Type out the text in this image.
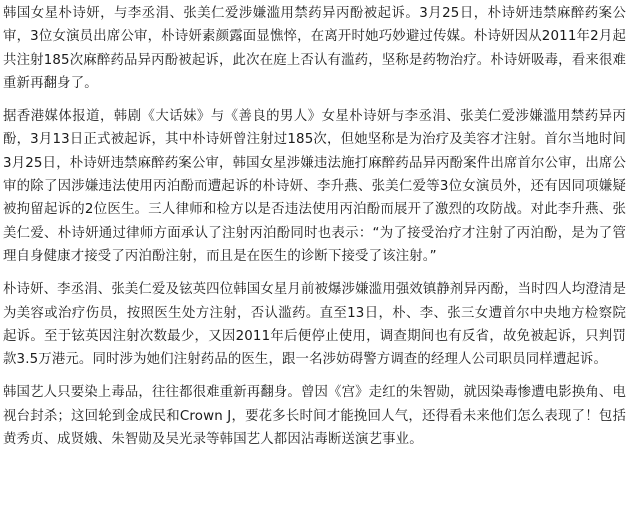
韩国女星朴诗妍，与李丞涓、张美仁爱涉嫌滥用禁药异丙酚被起诉。3月25日，朴诗妍违禁麻醉药案公审，3位女演员出席公审，朴诗妍素颜露面显憔悴，在离开时她巧妙避过传媒。朴诗妍因从2011年2月起共注射185次麻醉药品异丙酚被起诉，此次在庭上否认有滥药，坚称是药物治疗。朴诗妍吸毒，看来很难重新再翻身了。

据香港媒体报道，韩剧《大话妹》与《善良的男人》女星朴诗妍与李丞涓、张美仁爱涉嫌滥用禁药异丙酚，3月13日正式被起诉，其中朴诗妍曾注射过185次，但她坚称是为治疗及美容才注射。首尔当地时间3月25日，朴诗妍违禁麻醉药案公审，韩国女星涉嫌违法施打麻醉药品异丙酚案件出席首尔公审，出席公审的除了因涉嫌违法使用丙泊酚而遭起诉的朴诗妍、李升燕、张美仁爱等3位女演员外，还有因同项嫌疑被拘留起诉的2位医生。三人律师和检方以是否违法使用丙泊酚而展开了激烈的攻防战。对此李升燕、张美仁爱、朴诗妍通过律师方面承认了注射丙泊酚同时也表示：“为了接受治疗才注射了丙泊酚，是为了管理自身健康才接受了丙泊酚注射，而且是在医生的诊断下接受了该注射。”

朴诗妍、李丞涓、张美仁爱及铉英四位韩国女星月前被爆涉嫌滥用强效镇静剂异丙酚，当时四人均澄清是为美容或治疗伤员，按照医生处方注射，否认滥药。直至13日，朴、李、张三女遭首尔中央地方检察院起诉。至于铉英因注射次数最少，又因2011年后便停止使用，调查期间也有反省，故免被起诉，只判罚款3.5万港元。同时涉为她们注射药品的医生，跟一名涉妨碍警方调查的经理人公司职员同样遭起诉。

韩国艺人只要染上毒品，往往都很难重新再翻身。曾因《宫》走红的朱智勋，就因染毒惨遭电影换角、电视台封杀；这回轮到金成民和Crown J，要花多长时间才能挽回人气，还得看未来他们怎么表现了！包括黄秀贞、成贤娥、朱智勋及吴光录等韩国艺人都因沾毒断送演艺事业。
